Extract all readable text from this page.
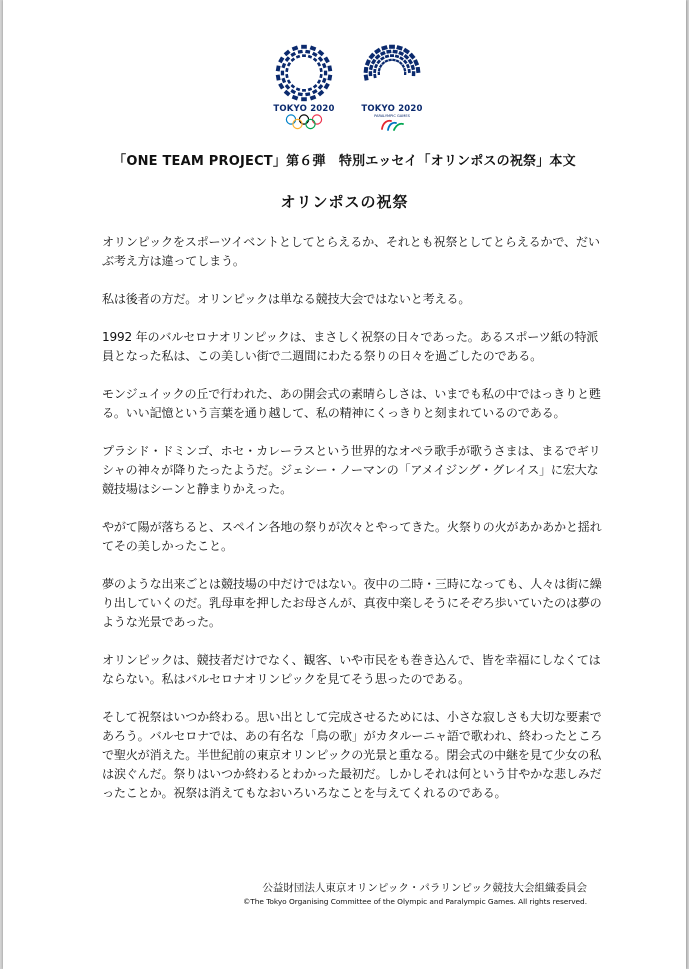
TOKYO 2020	TOKYO 2020
PARALYMPIC GAMES
「ONE TEAM PROJECT」第６弾　特別エッセイ「オリンポスの祝祭」本文
オリンポスの祝祭

オリンピックをスポーツイベントとしてとらえるか、それとも祝祭としてとらえるかで、だいぶ考え方は違ってしまう。

私は後者の方だ。オリンピックは単なる競技大会ではないと考える。

1992 年のバルセロナオリンピックは、まさしく祝祭の日々であった。あるスポーツ紙の特派員となった私は、この美しい街で二週間にわたる祭りの日々を過ごしたのである。

モンジュイックの丘で行われた、あの開会式の素晴らしさは、いまでも私の中ではっきりと甦る。いい記憶という言葉を通り越して、私の精神にくっきりと刻まれているのである。

プラシド・ドミンゴ、ホセ・カレーラスという世界的なオペラ歌手が歌うさまは、まるでギリシャの神々が降りたったようだ。ジェシー・ノーマンの「アメイジング・グレイス」に宏大な競技場はシーンと静まりかえった。

やがて陽が落ちると、スペイン各地の祭りが次々とやってきた。火祭りの火があかあかと揺れてその美しかったこと。

夢のような出来ごとは競技場の中だけではない。夜中の二時・三時になっても、人々は街に繰り出していくのだ。乳母車を押したお母さんが、真夜中楽しそうにそぞろ歩いていたのは夢のような光景であった。

オリンピックは、競技者だけでなく、観客、いや市民をも巻き込んで、皆を幸福にしなくてはならない。私はバルセロナオリンピックを見てそう思ったのである。

そして祝祭はいつか終わる。思い出として完成させるためには、小さな寂しさも大切な要素であろう。バルセロナでは、あの有名な「鳥の歌」がカタルーニャ語で歌われ、終わったところで聖火が消えた。半世紀前の東京オリンピックの光景と重なる。閉会式の中継を見て少女の私は涙ぐんだ。祭りはいつか終わるとわかった最初だ。しかしそれは何という甘やかな悲しみだったことか。祝祭は消えてもなおいろいろなことを与えてくれるのである。

公益財団法人東京オリンピック・パラリンピック競技大会組織委員会
©The Tokyo Organising Committee of the Olympic and Paralympic Games. All rights reserved.
